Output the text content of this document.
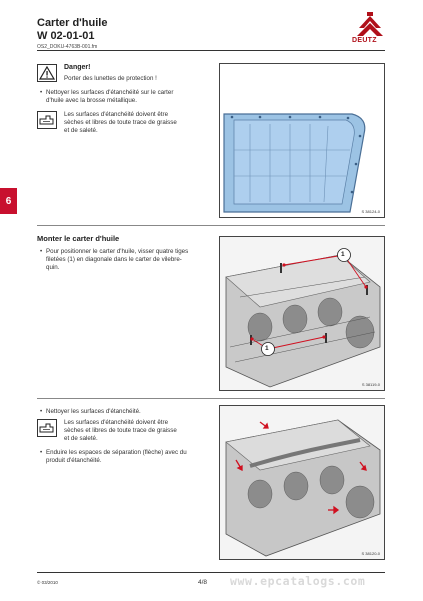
Carter d'huile
W 02-01-01
OS2_DOKU-4763B-001.fm
DEUTZ
6
Danger!
Porter des lunettes de protection !
• Nettoyer les surfaces d'étanchéité sur le carter
d'huile avec la brosse métallique.
Les surfaces d'étanchéité doivent être
sèches et libres de toute trace de graisse
et de saleté.
S 38124-0
Monter le carter d'huile
• Pour positionner le carter d'huile, visser quatre tiges
filetées (1) en diagonale dans le carter de vilebre-
quin.
1
1
S 38119-0
• Nettoyer les surfaces d'étanchéité.
Les surfaces d'étanchéité doivent être
sèches et libres de toute trace de graisse
et de saleté.
• Enduire les espaces de séparation (flèche) avec du
produit d'étanchéité.
S 38120-0
© 03/2010	4/8 www.epcatalogs.com
